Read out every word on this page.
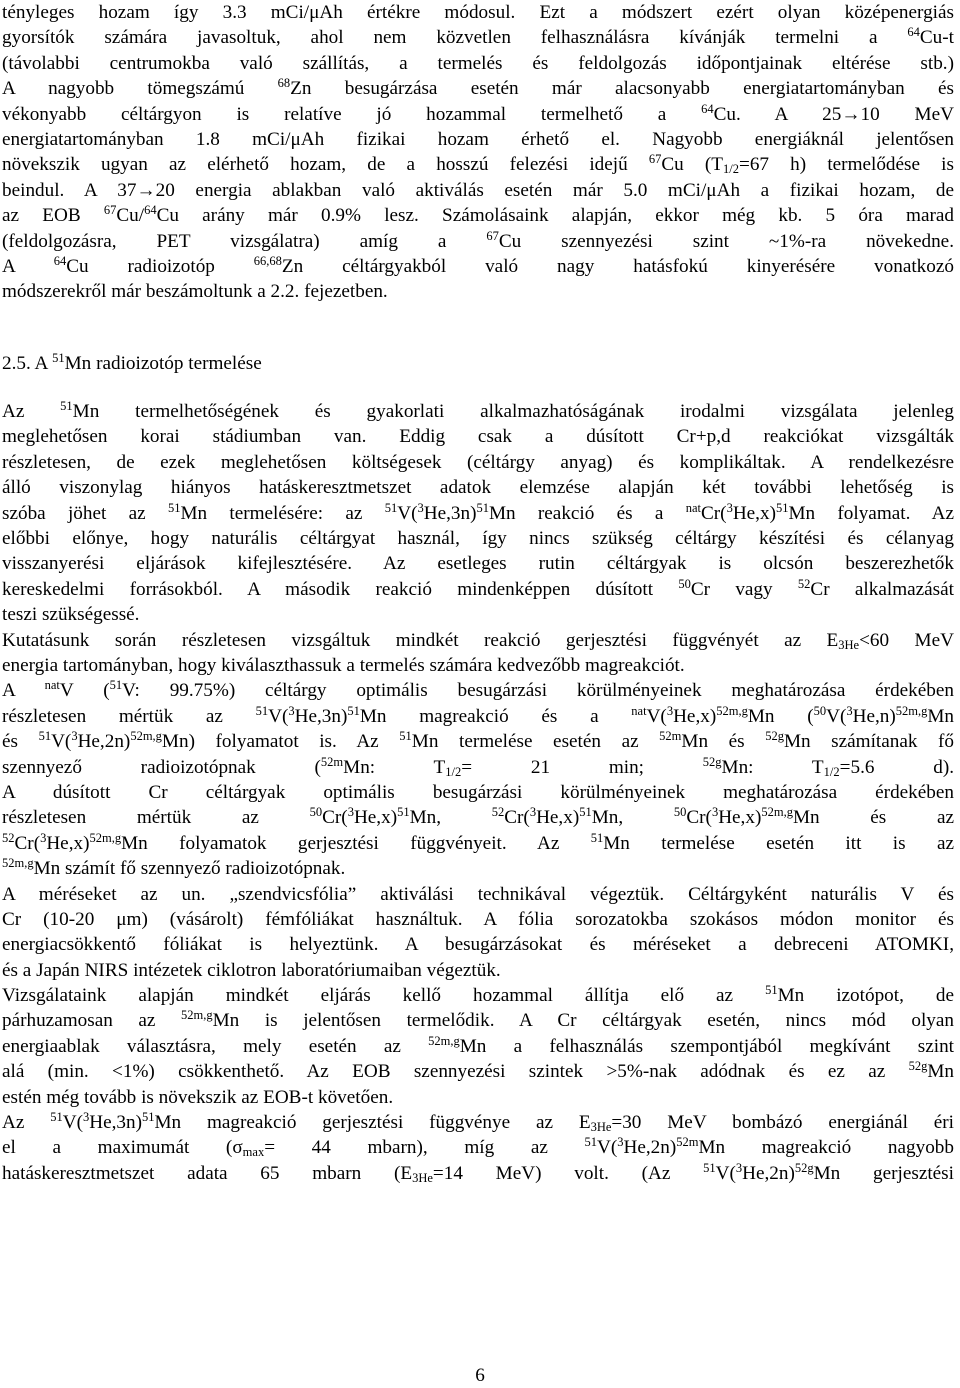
tényleges hozam így 3.3 mCi/μAh értékre módosul. Ezt a módszert ezért olyan középenergiás
gyorsítók számára javasoltuk, ahol nem közvetlen felhasználásra kívánják termelni a $^{64}$Cu-t
(távolabbi centrumokba való szállítás, a termelés és feldolgozás időpontjainak eltérése stb.)
A nagyobb tömegszámú $^{68}$Zn besugárzása esetén már alacsonyabb energiatartományban és
vékonyabb céltárgyon is relatíve jó hozammal termelhető a $^{64}$Cu. A 25→10 MeV
energiatartományban 1.8 mCi/μAh fizikai hozam érhető el. Nagyobb energiáknál jelentősen
növekszik ugyan az elérhető hozam, de a hosszú felezési idejű $^{67}$Cu ($T_{1/2}=67$ h) termelődése is
beindul. A 37→20 energia ablakban való aktiválás esetén már 5.0 mCi/μAh a fizikai hozam, de
az EOB $^{67}$Cu/$^{64}$Cu arány már 0.9% lesz. Számolásaink alapján, ekkor még kb. 5 óra marad
(feldolgozásra, PET vizsgálatra) amíg a $^{67}$Cu szennyezési szint ~1%-ra növekedne.
A $^{64}$Cu radioizotóp $^{66,68}$Zn céltárgyakból való nagy hatásfokú kinyerésére vonatkozó
módszerekről már beszámoltunk a 2.2. fejezetben.
2.5. A $^{51}$Mn radioizotóp termelése
Az $^{51}$Mn termelhetőségének és gyakorlati alkalmazhatóságának irodalmi vizsgálata jelenleg
meglehetősen korai stádiumban van. Eddig csak a dúsított Cr+p,d reakciókat vizsgálták
részletesen, de ezek meglehetősen költségesek (céltárgy anyag) és komplikáltak. A rendelkezésre
álló viszonylag hiányos hatáskeresztmetszet adatok elemzése alapján két további lehetőség is
szóba jöhet az $^{51}$Mn termelésére: az $^{51}V(^3He,3n)^{51}Mn$ reakció és a $^{nat}Cr(^3He,x)^{51}Mn$ folyamat. Az
előbbi előnye, hogy naturális céltárgyat használ, így nincs szükség céltárgy készítési és célanyag
visszanyerési eljárások kifejlesztésére. Az esetleges rutin céltárgyak is olcsón beszerezhetők
kereskedelmi forrásokból. A második reakció mindenképpen dúsított $^{50}$Cr vagy $^{52}$Cr alkalmazását
teszi szükségessé.
Kutatásunk során részletesen vizsgáltuk mindkét reakció gerjesztési függvényét az $E_{3He}<60$ MeV
energia tartományban, hogy kiválaszthassuk a termelés számára kedvezőbb magreakciót.
A $^{nat}$V ($^{51}$V: 99.75%) céltárgy optimális besugárzási körülményeinek meghatározása érdekében
részletesen mértük az $^{51}V(^3He,3n)^{51}Mn$ magreakció és a $^{nat}V(^3He,x)^{52m,g}Mn$ ($^{50}V(^3He,n)^{52m,g}Mn$
és $^{51}V(^3He,2n)^{52m,g}Mn$) folyamatot is. Az $^{51}$Mn termelése esetén az $^{52m}$Mn és $^{52g}$Mn számítanak fő
szennyező radioizotópnak ($^{52m}$Mn: $T_{1/2}= 21$ min; $^{52g}$Mn: $T_{1/2}=5.6$ d).
A dúsított Cr céltárgyak optimális besugárzási körülményeinek meghatározása érdekében
részletesen mértük az $^{50}Cr(^3He,x)^{51}Mn$, $^{52}Cr(^3He,x)^{51}Mn$, $^{50}Cr(^3He,x)^{52m,g}Mn$ és az
$^{52}Cr(^3He,x)^{52m,g}Mn$ folyamatok gerjesztési függvényeit. Az $^{51}$Mn termelése esetén itt is az
$^{52m,g}$Mn számít fő szennyező radioizotópnak.
A méréseket az un. „szendvicsfólia” aktiválási technikával végeztük. Céltárgyként naturális V és
Cr (10-20 μm) (vásárolt) fémfóliákat használtuk. A fólia sorozatokba szokásos módon monitor és
energiacsökkentő fóliákat is helyeztünk. A besugárzásokat és méréseket a debreceni ATOMKI,
és a Japán NIRS intézetek ciklotron laboratóriumaiban végeztük.
Vizsgálataink alapján mindkét eljárás kellő hozammal állítja elő az $^{51}$Mn izotópot, de
párhuzamosan az $^{52m,g}$Mn is jelentősen termelődik. A Cr céltárgyak esetén, nincs mód olyan
energiaablak választásra, mely esetén az $^{52m,g}$Mn a felhasználás szempontjából megkívánt szint
alá (min. <1%) csökkenthető. Az EOB szennyezési szintek >5%-nak adódnak és ez az $^{52g}$Mn
estén még tovább is növekszik az EOB-t követően.
Az $^{51}V(^3He,3n)^{51}Mn$ magreakció gerjesztési függvénye az $E_{3He}=30$ MeV bombázó energiánál éri
el a maximumát ($\sigma_{max}= 44$ mbarn), míg az $^{51}V(^3He,2n)^{52m}Mn$ magreakció nagyobb
hatáskeresztmetszet adata 65 mbarn ($E_{3He}=14$ MeV) volt. (Az $^{51}V(^3He,2n)^{52g}Mn$ gerjesztési
6
